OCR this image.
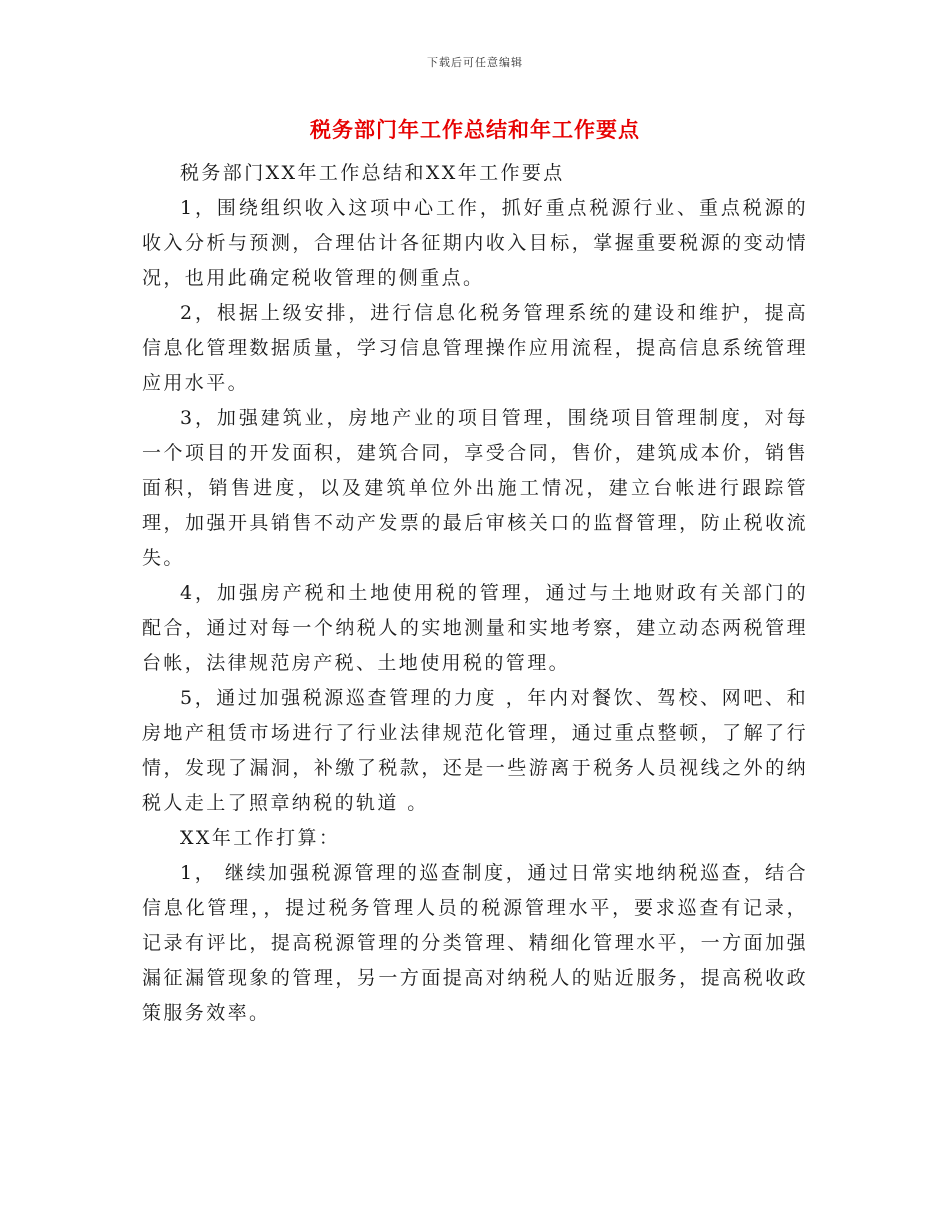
下载后可任意编辑
税务部门年工作总结和年工作要点

税务部门XX年工作总结和XX年工作要点

1，围绕组织收入这项中心工作，抓好重点税源行业、重点税源的收入分析与预测，合理估计各征期内收入目标，掌握重要税源的变动情况，也用此确定税收管理的侧重点。

2，根据上级安排，进行信息化税务管理系统的建设和维护，提高信息化管理数据质量，学习信息管理操作应用流程，提高信息系统管理应用水平。

3，加强建筑业，房地产业的项目管理，围绕项目管理制度，对每一个项目的开发面积，建筑合同，享受合同，售价，建筑成本价，销售面积，销售进度，以及建筑单位外出施工情况，建立台帐进行跟踪管理，加强开具销售不动产发票的最后审核关口的监督管理，防止税收流失。

4，加强房产税和土地使用税的管理，通过与土地财政有关部门的配合，通过对每一个纳税人的实地测量和实地考察，建立动态两税管理台帐，法律规范房产税、土地使用税的管理。

5，通过加强税源巡查管理的力度 ，年内对餐饮、驾校、网吧、和房地产租赁市场进行了行业法律规范化管理，通过重点整顿，了解了行情，发现了漏洞，补缴了税款，还是一些游离于税务人员视线之外的纳税人走上了照章纳税的轨道 。

XX年工作打算：

1， 继续加强税源管理的巡查制度，通过日常实地纳税巡查，结合信息化管理，，提过税务管理人员的税源管理水平，要求巡查有记录，记录有评比，提高税源管理的分类管理、精细化管理水平，一方面加强漏征漏管现象的管理，另一方面提高对纳税人的贴近服务，提高税收政策服务效率。
